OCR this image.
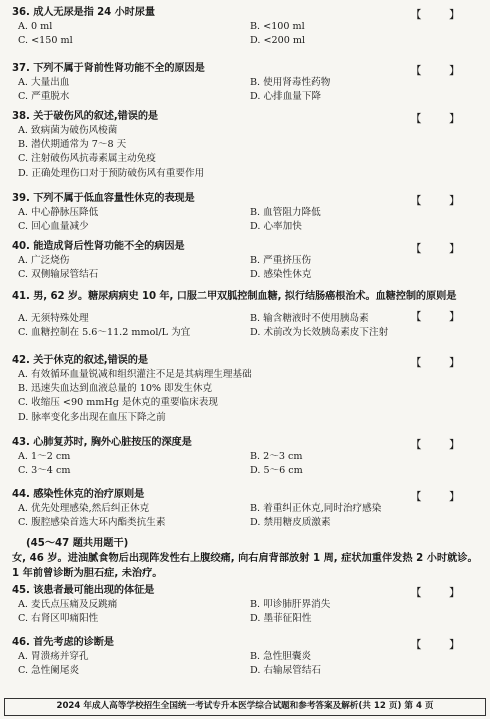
36. 成人无尿是指 24 小时尿量	【 】
A. 0 ml	B. <100 ml
C. <150 ml	D. <200 ml
37. 下列不属于肾前性肾功能不全的原因是	【 】
A. 大量出血	B. 使用肾毒性药物
C. 严重脱水	D. 心排血量下降
38. 关于破伤风的叙述,错误的是	【 】
A. 致病菌为破伤风梭菌
B. 潜伏期通常为 7～8 天
C. 注射破伤风抗毒素属主动免疫
D. 正确处理伤口对于预防破伤风有重要作用
39. 下列不属于低血容量性休克的表现是	【 】
A. 中心静脉压降低	B. 血管阻力降低
C. 回心血量减少	D. 心率加快
40. 能造成肾后性肾功能不全的病因是	【 】
A. 广泛烧伤	B. 严重挤压伤
C. 双侧输尿管结石	D. 感染性休克
41. 男, 62 岁。糖尿病病史 10 年, 口服二甲双胍控制血糖, 拟行结肠癌根治术。血糖控制的原则是
【 】
A. 无须特殊处理	B. 输含糖液时不使用胰岛素
C. 血糖控制在 5.6～11.2 mmol/L 为宜	D. 术前改为长效胰岛素皮下注射
42. 关于休克的叙述,错误的是	【 】
A. 有效循环血量锐减和组织灌注不足是其病理生理基础
B. 迅速失血达到血液总量的 10% 即发生休克
C. 收缩压 <90 mmHg 是休克的重要临床表现
D. 脉率变化多出现在血压下降之前
43. 心肺复苏时, 胸外心脏按压的深度是	【 】
A. 1～2 cm	B. 2～3 cm
C. 3～4 cm	D. 5～6 cm
44. 感染性休克的治疗原则是	【 】
A. 优先处理感染,然后纠正休克	B. 着重纠正休克,同时治疗感染
C. 腹腔感染首选大环内酯类抗生素	D. 禁用糖皮质激素
(45～47 题共用题干)
女, 46 岁。进油腻食物后出现阵发性右上腹绞痛, 向右肩背部放射 1 周, 症状加重伴发热 2 小时就诊。1 年前曾诊断为胆石症, 未治疗。
45. 该患者最可能出现的体征是	【 】
A. 麦氏点压痛及反跳痛	B. 叩诊肺肝界消失
C. 右肾区叩痛阳性	D. 墨菲征阳性
46. 首先考虑的诊断是	【 】
A. 胃溃疡并穿孔	B. 急性胆囊炎
C. 急性阑尾炎	D. 右输尿管结石
2024 年成人高等学校招生全国统一考试专升本医学综合试题和参考答案及解析(共 12 页) 第 4 页
